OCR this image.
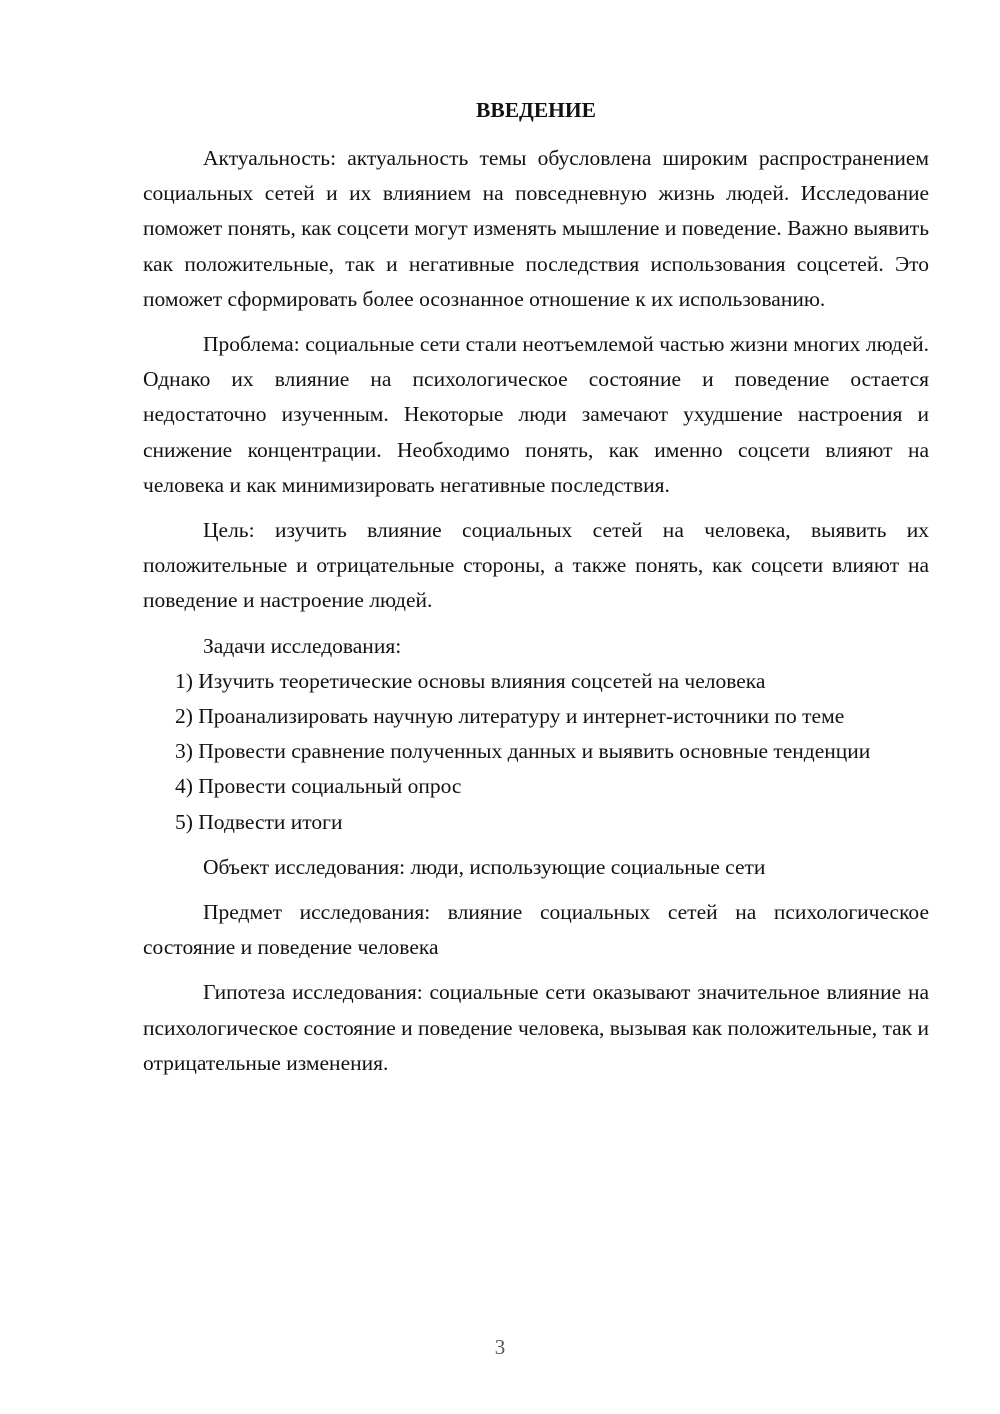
ВВЕДЕНИЕ

Актуальность: актуальность темы обусловлена широким распространением социальных сетей и их влиянием на повседневную жизнь людей. Исследование поможет понять, как соцсети могут изменять мышление и поведение. Важно выявить как положительные, так и негативные последствия использования соцсетей. Это поможет сформировать более осознанное отношение к их использованию.

Проблема: социальные сети стали неотъемлемой частью жизни многих людей. Однако их влияние на психологическое состояние и поведение остается недостаточно изученным. Некоторые люди замечают ухудшение настроения и снижение концентрации. Необходимо понять, как именно соцсети влияют на человека и как минимизировать негативные последствия.

Цель: изучить влияние социальных сетей на человека, выявить их положительные и отрицательные стороны, а также понять, как соцсети влияют на поведение и настроение людей.

Задачи исследования:

1) Изучить теоретические основы влияния соцсетей на человека

2) Проанализировать научную литературу и интернет-источники по теме

3) Провести сравнение полученных данных и выявить основные тенденции

4) Провести социальный опрос

5) Подвести итоги

Объект исследования: люди, использующие социальные сети

Предмет исследования: влияние социальных сетей на психологическое состояние и поведение человека

Гипотеза исследования: социальные сети оказывают значительное влияние на психологическое состояние и поведение человека, вызывая как положительные, так и отрицательные изменения.

3
